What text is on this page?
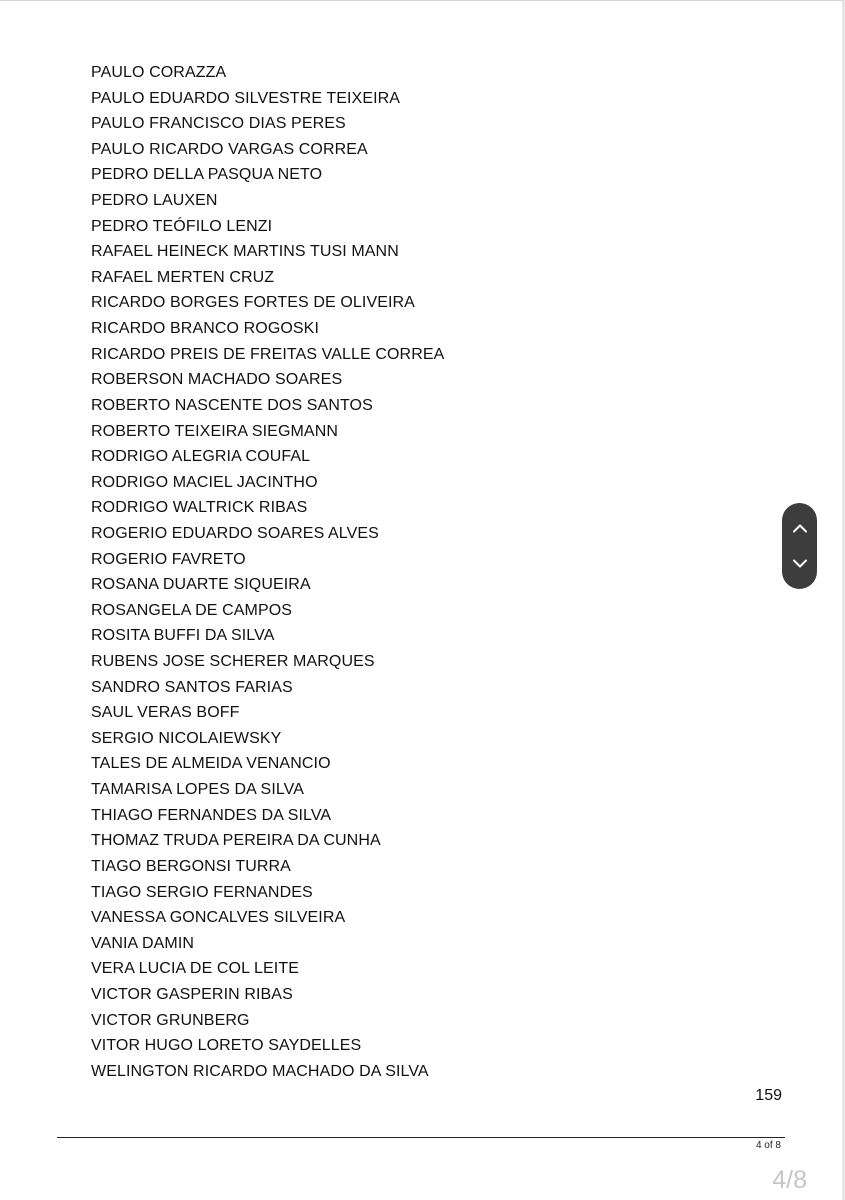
PAULO CORAZZA
PAULO EDUARDO SILVESTRE TEIXEIRA
PAULO FRANCISCO DIAS PERES
PAULO RICARDO VARGAS CORREA
PEDRO DELLA PASQUA NETO
PEDRO LAUXEN
PEDRO TEÓFILO LENZI
RAFAEL HEINECK MARTINS TUSI MANN
RAFAEL MERTEN CRUZ
RICARDO BORGES FORTES DE OLIVEIRA
RICARDO BRANCO ROGOSKI
RICARDO PREIS DE FREITAS VALLE CORREA
ROBERSON MACHADO SOARES
ROBERTO NASCENTE DOS SANTOS
ROBERTO TEIXEIRA SIEGMANN
RODRIGO ALEGRIA COUFAL
RODRIGO MACIEL JACINTHO
RODRIGO WALTRICK RIBAS
ROGERIO EDUARDO SOARES ALVES
ROGERIO FAVRETO
ROSANA DUARTE SIQUEIRA
ROSANGELA DE CAMPOS
ROSITA BUFFI DA SILVA
RUBENS JOSE SCHERER MARQUES
SANDRO SANTOS FARIAS
SAUL VERAS BOFF
SERGIO NICOLAIEWSKY
TALES DE ALMEIDA VENANCIO
TAMARISA LOPES DA SILVA
THIAGO FERNANDES DA SILVA
THOMAZ TRUDA PEREIRA DA CUNHA
TIAGO BERGONSI TURRA
TIAGO SERGIO FERNANDES
VANESSA GONCALVES SILVEIRA
VANIA DAMIN
VERA LUCIA DE COL LEITE
VICTOR GASPERIN RIBAS
VICTOR GRUNBERG
VITOR HUGO LORETO SAYDELLES
WELINGTON RICARDO MACHADO DA SILVA
159
4 of 8
4/8
